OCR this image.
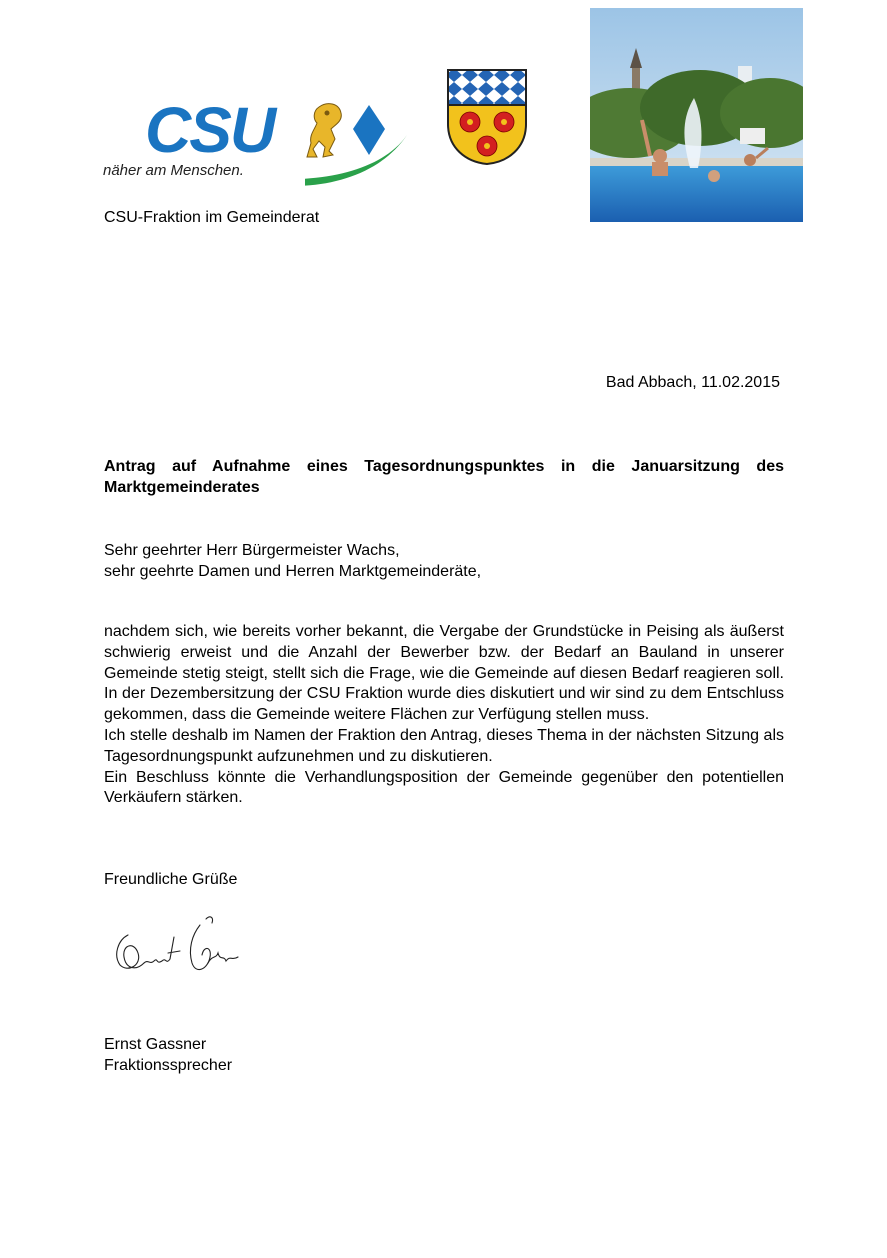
CSU
näher am Menschen.
CSU-Fraktion im Gemeinderat
Bad Abbach, 11.02.2015
Antrag auf Aufnahme eines Tagesordnungspunktes in die Januarsitzung des Marktgemeinderates
Sehr geehrter Herr Bürgermeister Wachs,
sehr geehrte Damen und Herren Marktgemeinderäte,

nachdem sich, wie bereits vorher bekannt, die Vergabe der Grundstücke in Peising als äußerst schwierig erweist und die Anzahl der Bewerber bzw. der Bedarf an Bauland in unserer Gemeinde stetig steigt, stellt sich die Frage, wie die Gemeinde auf diesen Bedarf reagieren soll. In der Dezembersitzung der CSU Fraktion wurde dies diskutiert und wir sind zu dem Entschluss gekommen, dass die Gemeinde weitere Flächen zur Verfügung stellen muss.

Ich stelle deshalb im Namen der Fraktion den Antrag, dieses Thema in der nächsten Sitzung als Tagesordnungspunkt aufzunehmen und zu diskutieren.

Ein Beschluss könnte die Verhandlungsposition der Gemeinde gegenüber den potentiellen Verkäufern stärken.

Freundliche Grüße
Ernst Gassner
Fraktionssprecher
